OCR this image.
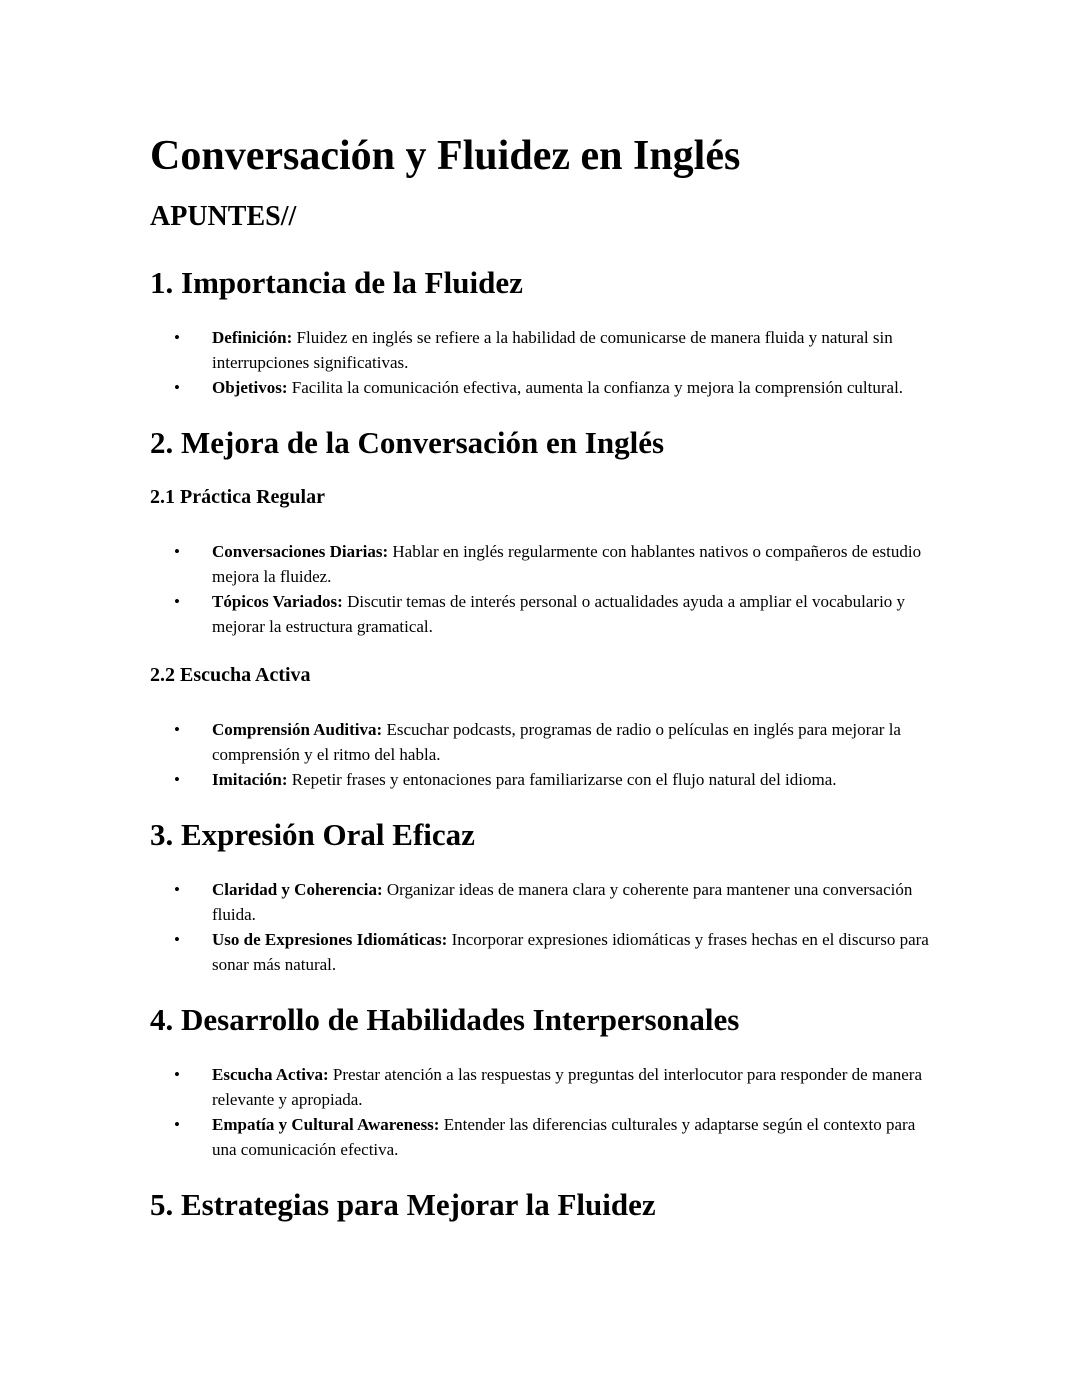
Conversación y Fluidez en Inglés
APUNTES//
1. Importancia de la Fluidez
• Definición: Fluidez en inglés se refiere a la habilidad de comunicarse de manera fluida y natural sin interrupciones significativas.
• Objetivos: Facilita la comunicación efectiva, aumenta la confianza y mejora la comprensión cultural.
2. Mejora de la Conversación en Inglés
2.1 Práctica Regular
• Conversaciones Diarias: Hablar en inglés regularmente con hablantes nativos o compañeros de estudio mejora la fluidez.
• Tópicos Variados: Discutir temas de interés personal o actualidades ayuda a ampliar el vocabulario y mejorar la estructura gramatical.
2.2 Escucha Activa
• Comprensión Auditiva: Escuchar podcasts, programas de radio o películas en inglés para mejorar la comprensión y el ritmo del habla.
• Imitación: Repetir frases y entonaciones para familiarizarse con el flujo natural del idioma.
3. Expresión Oral Eficaz
• Claridad y Coherencia: Organizar ideas de manera clara y coherente para mantener una conversación fluida.
• Uso de Expresiones Idiomáticas: Incorporar expresiones idiomáticas y frases hechas en el discurso para sonar más natural.
4. Desarrollo de Habilidades Interpersonales
• Escucha Activa: Prestar atención a las respuestas y preguntas del interlocutor para responder de manera relevante y apropiada.
• Empatía y Cultural Awareness: Entender las diferencias culturales y adaptarse según el contexto para una comunicación efectiva.
5. Estrategias para Mejorar la Fluidez
